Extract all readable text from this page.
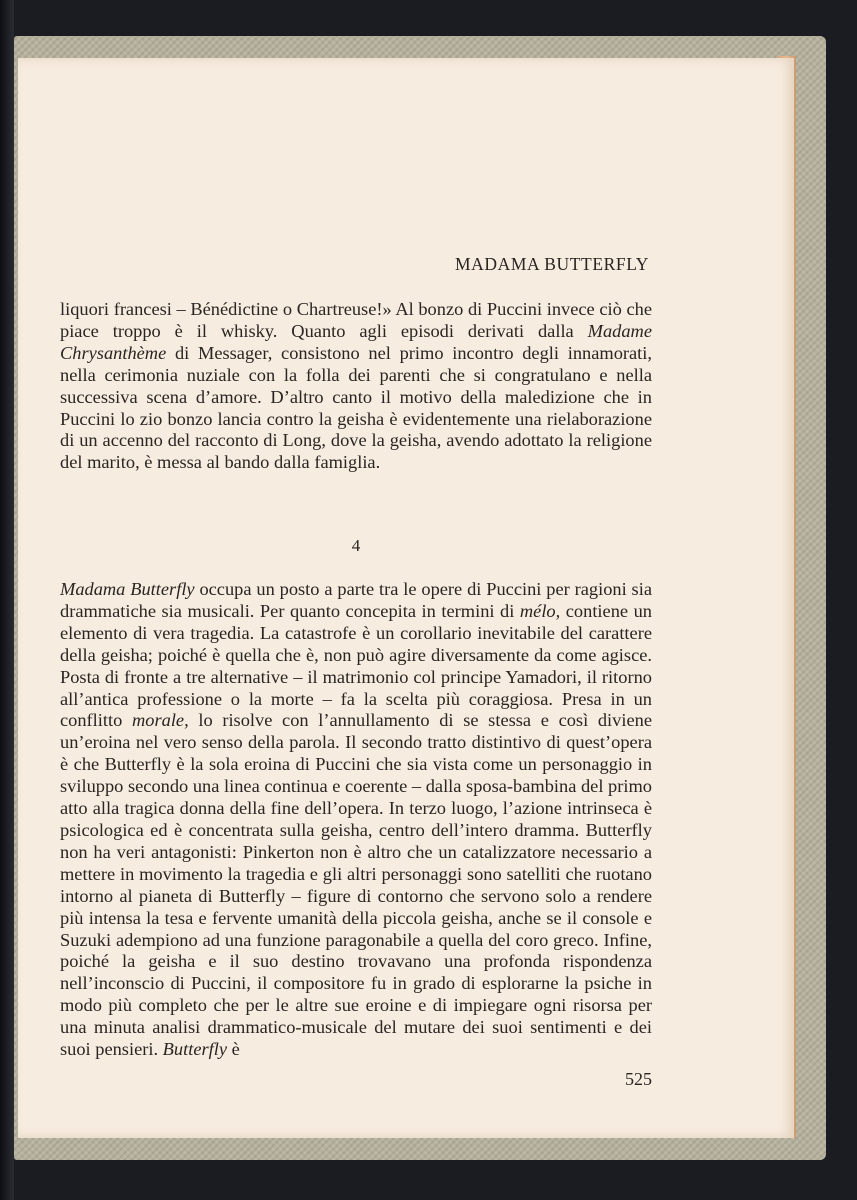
MADAMA BUTTERFLY

liquori francesi – Bénédictine o Chartreuse!» Al bonzo di Puccini invece ciò che piace troppo è il whisky. Quanto agli episodi derivati dalla Madame Chrysanthème di Messager, consistono nel primo incontro degli innamorati, nella cerimonia nuziale con la folla dei parenti che si congratulano e nella successiva scena d’amore. D’altro canto il motivo della maledizione che in Puccini lo zio bonzo lancia contro la geisha è evidentemente una rielaborazione di un accenno del racconto di Long, dove la geisha, avendo adottato la religione del marito, è messa al bando dalla famiglia.

4

Madama Butterfly occupa un posto a parte tra le opere di Puccini per ragioni sia drammatiche sia musicali. Per quanto concepita in termini di mélo, contiene un elemento di vera tragedia. La catastrofe è un corollario inevitabile del carattere della geisha; poiché è quella che è, non può agire diversamente da come agisce. Posta di fronte a tre alternative – il matrimonio col principe Yamadori, il ritorno all’antica professione o la morte – fa la scelta più coraggiosa. Presa in un conflitto morale, lo risolve con l’annullamento di se stessa e così diviene un’eroina nel vero senso della parola. Il secondo tratto distintivo di quest’opera è che Butterfly è la sola eroina di Puccini che sia vista come un personaggio in sviluppo secondo una linea continua e coerente – dalla sposa-bambina del primo atto alla tragica donna della fine dell’opera. In terzo luogo, l’azione intrinseca è psicologica ed è concentrata sulla geisha, centro dell’intero dramma. Butterfly non ha veri antagonisti: Pinkerton non è altro che un catalizzatore necessario a mettere in movimento la tragedia e gli altri personaggi sono satelliti che ruotano intorno al pianeta di Butterfly – figure di contorno che servono solo a rendere più intensa la tesa e fervente umanità della piccola geisha, anche se il console e Suzuki adempiono ad una funzione paragonabile a quella del coro greco. Infine, poiché la geisha e il suo destino trovavano una profonda rispondenza nell’inconscio di Puccini, il compositore fu in grado di esplorarne la psiche in modo più completo che per le altre sue eroine e di impiegare ogni risorsa per una minuta analisi drammatico-musicale del mutare dei suoi sentimenti e dei suoi pensieri. Butterfly è

525
